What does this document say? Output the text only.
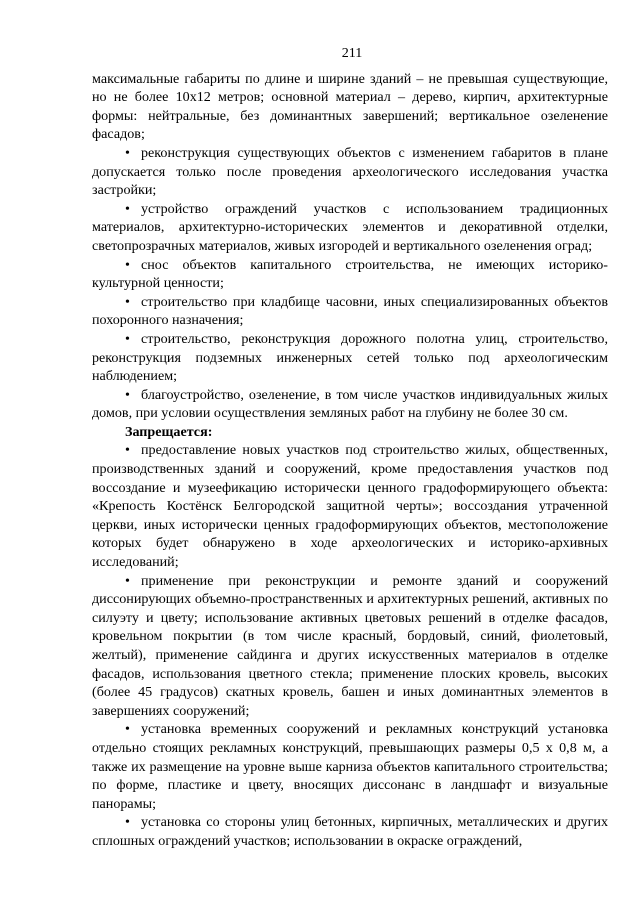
211

максимальные габариты по длине и ширине зданий – не превышая существующие, но не более 10x12 метров; основной материал – дерево, кирпич, архитектурные формы: нейтральные, без доминантных завершений; вертикальное озеленение фасадов;

• реконструкция существующих объектов с изменением габаритов в плане допускается только после проведения археологического исследования участка застройки;

• устройство ограждений участков с использованием традиционных материалов, архитектурно-исторических элементов и декоративной отделки, светопрозрачных материалов, живых изгородей и вертикального озеленения оград;

• снос объектов капитального строительства, не имеющих историко-культурной ценности;

• строительство при кладбище часовни, иных специализированных объектов похоронного назначения;

• строительство, реконструкция дорожного полотна улиц, строительство, реконструкция подземных инженерных сетей только под археологическим наблюдением;

• благоустройство, озеленение, в том числе участков индивидуальных жилых домов, при условии осуществления земляных работ на глубину не более 30 см.

Запрещается:

• предоставление новых участков под строительство жилых, общественных, производственных зданий и сооружений, кроме предоставления участков под воссоздание и музеефикацию исторически ценного градоформирующего объекта: «Крепость Костёнск Белгородской защитной черты»; воссоздания утраченной церкви, иных исторически ценных градоформирующих объектов, местоположение которых будет обнаружено в ходе археологических и историко-архивных исследований;

• применение при реконструкции и ремонте зданий и сооружений диссонирующих объемно-пространственных и архитектурных решений, активных по силуэту и цвету; использование активных цветовых решений в отделке фасадов, кровельном покрытии (в том числе красный, бордовый, синий, фиолетовый, желтый), применение сайдинга и других искусственных материалов в отделке фасадов, использования цветного стекла; применение плоских кровель, высоких (более 45 градусов) скатных кровель, башен и иных доминантных элементов в завершениях сооружений;

• установка временных сооружений и рекламных конструкций установка отдельно стоящих рекламных конструкций, превышающих размеры 0,5 х 0,8 м, а также их размещение на уровне выше карниза объектов капитального строительства; по форме, пластике и цвету, вносящих диссонанс в ландшафт и визуальные панорамы;

• установка со стороны улиц бетонных, кирпичных, металлических и других сплошных ограждений участков; использовании в окраске ограждений,
